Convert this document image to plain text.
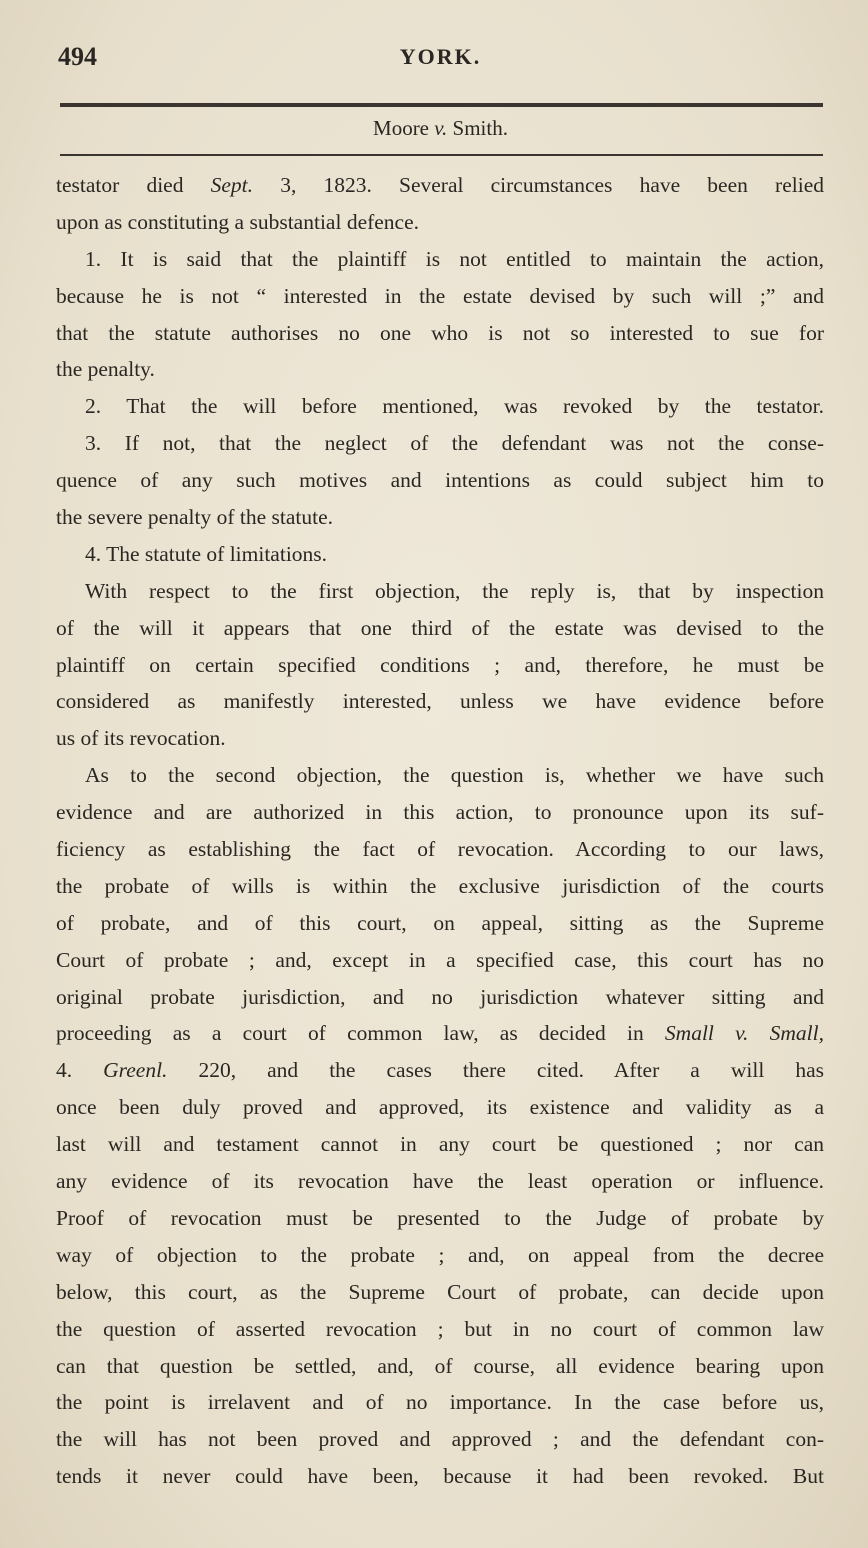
494	YORK.
Moore v. Smith.
testator died Sept. 3, 1823. Several circumstances have been relied
upon as constituting a substantial defence.
1. It is said that the plaintiff is not entitled to maintain the action,
because he is not “ interested in the estate devised by such will ;” and
that the statute authorises no one who is not so interested to sue for
the penalty.
2. That the will before mentioned, was revoked by the testator.
3. If not, that the neglect of the defendant was not the conse-
quence of any such motives and intentions as could subject him to
the severe penalty of the statute.
4. The statute of limitations.
With respect to the first objection, the reply is, that by inspection
of the will it appears that one third of the estate was devised to the
plaintiff on certain specified conditions ; and, therefore, he must be
considered as manifestly interested, unless we have evidence before
us of its revocation.
As to the second objection, the question is, whether we have such
evidence and are authorized in this action, to pronounce upon its suf-
ficiency as establishing the fact of revocation. According to our laws,
the probate of wills is within the exclusive jurisdiction of the courts
of probate, and of this court, on appeal, sitting as the Supreme
Court of probate ; and, except in a specified case, this court has no
original probate jurisdiction, and no jurisdiction whatever sitting and
proceeding as a court of common law, as decided in Small v. Small,
4. Greenl. 220, and the cases there cited. After a will has
once been duly proved and approved, its existence and validity as a
last will and testament cannot in any court be questioned ; nor can
any evidence of its revocation have the least operation or influence.
Proof of revocation must be presented to the Judge of probate by
way of objection to the probate ; and, on appeal from the decree
below, this court, as the Supreme Court of probate, can decide upon
the question of asserted revocation ; but in no court of common law
can that question be settled, and, of course, all evidence bearing upon
the point is irrelavent and of no importance. In the case before us,
the will has not been proved and approved ; and the defendant con-
tends it never could have been, because it had been revoked. But
